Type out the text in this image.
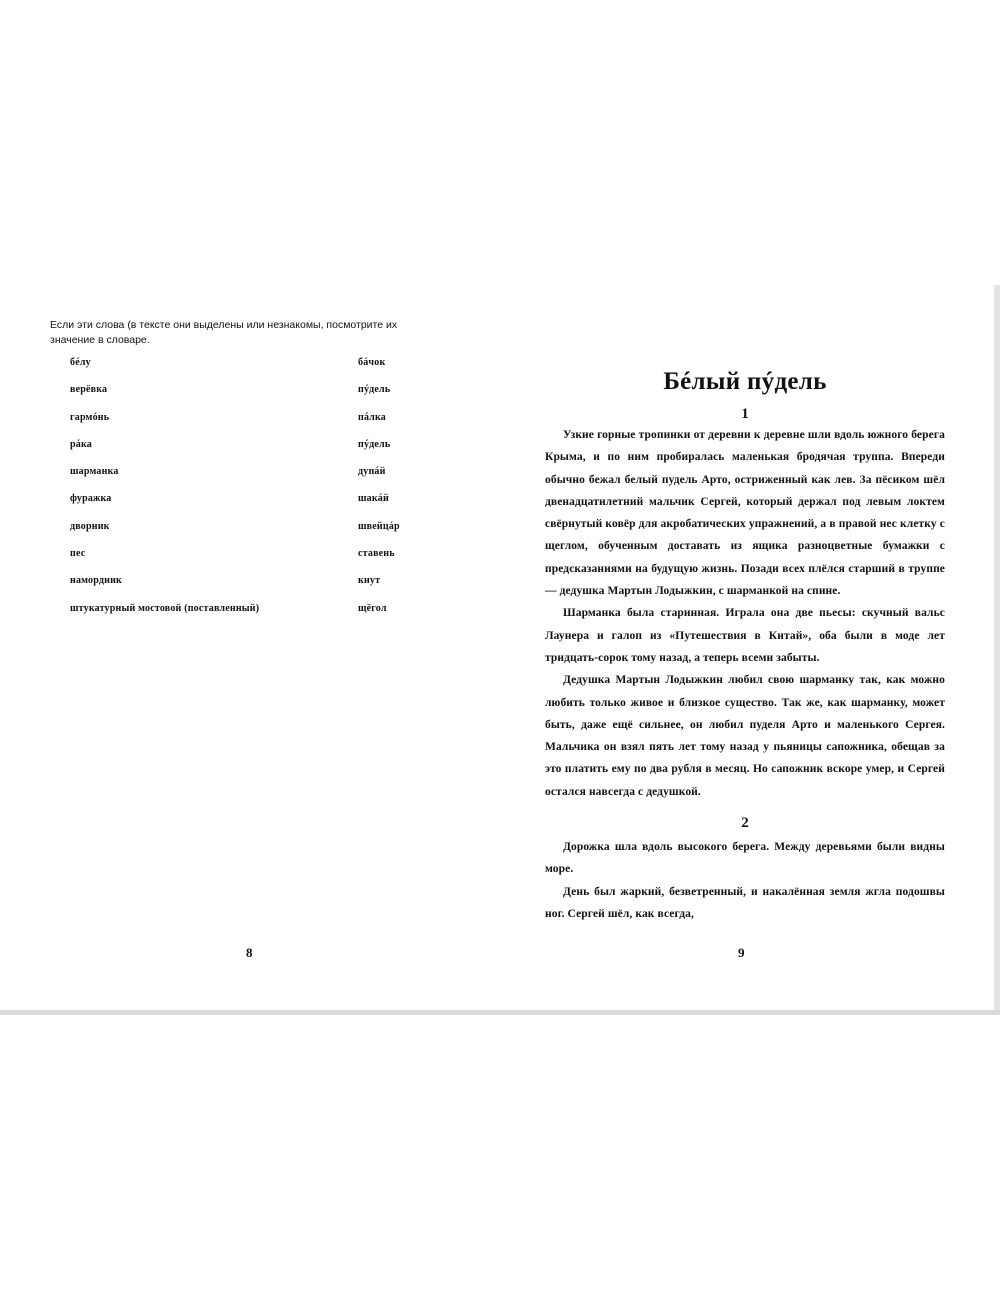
Если эти слова (в тексте они выделены или незнакомы, посмотрите их значение в словаре.

бéлу	бáчок
верёвка	пýдель
гармóнь	пáлка
рáка	пýдель
шарманка	дупáй
фуражка	шакáй
дворник	швейцáр
пес	ставень
намордник	кнут
штукатурный мостовой (поставленный)	щёгол
Бéлый пýдель

1

Узкие горные тропинки от деревни к деревне шли вдоль южного берега Крыма, и по ним пробиралась маленькая бродячая труппа. Впереди обычно бежал белый пудель Арто, остриженный как лев. За пёсиком шёл двенадцатилетний мальчик Сергей, который держал под левым локтем свёрнутый ковёр для акробатических упражнений, а в правой нес клетку с щеглом, обученным доставать из ящика разноцветные бумажки с предсказаниями на будущую жизнь. Позади всех плёлся старший в труппе — дедушка Мартын Лодыжкин, с шарманкой на спине.

Шарманка была старинная. Играла она две пьесы: скучный вальс Лаунера и галоп из «Путешествия в Китай», оба были в моде лет тридцать-сорок тому назад, а теперь всеми забыты.

Дедушка Мартын Лодыжкин любил свою шарманку так, как можно любить только живое и близкое существо. Так же, как шарманку, может быть, даже ещё сильнее, он любил пуделя Арто и маленького Сергея. Мальчика он взял пять лет тому назад у пьяницы сапожника, обещав за это платить ему по два рубля в месяц. Но сапожник вскоре умер, и Сергей остался навсегда с дедушкой.

2

Дорожка шла вдоль высокого берега. Между деревьями были видны море.

День был жаркий, безветренный, и накалённая земля жгла подошвы ног. Сергей шёл, как всегда,

8	9
